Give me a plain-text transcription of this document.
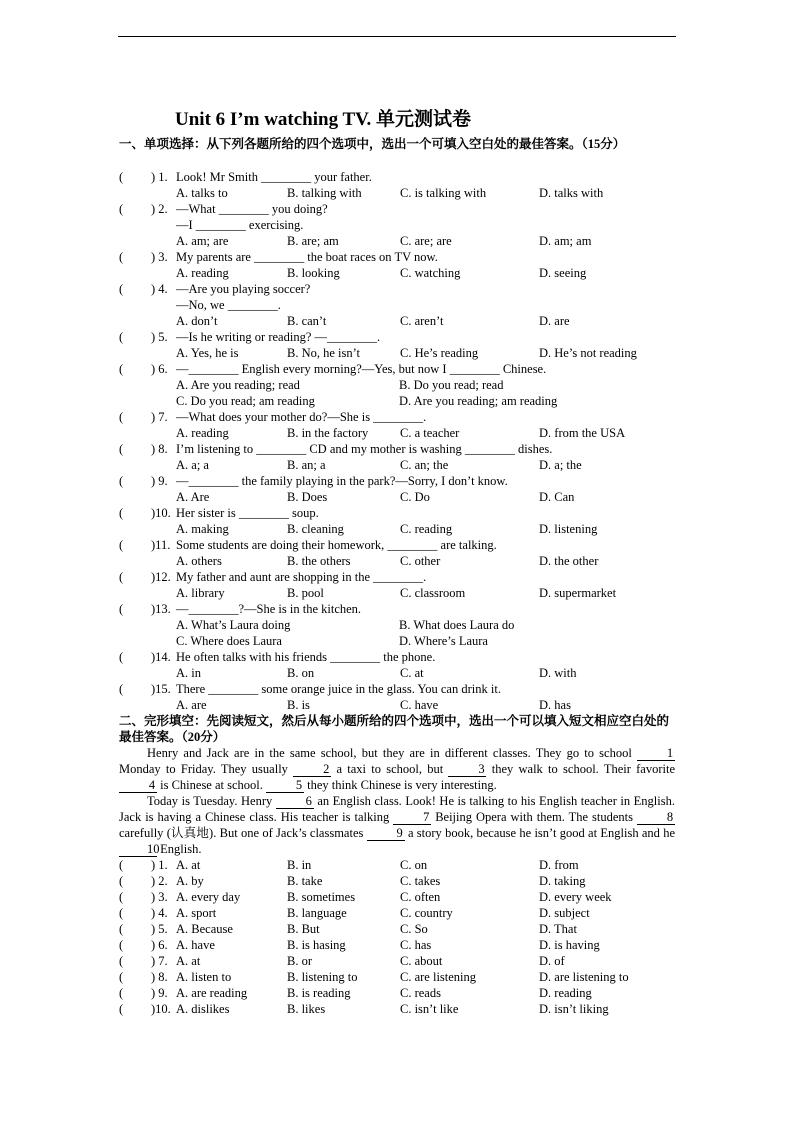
Unit 6 I’m watching TV. 单元测试卷
一、单项选择：从下列各题所给的四个选项中，选出一个可填入空白处的最佳答案。（15分）
( ) 1. Look! Mr Smith ________ your father.
A. talks to	B. talking with	C. is talking with	D. talks with
( ) 2. —What ________ you doing?
—I ________ exercising.
A. am; are	B. are; am	C. are; are	D. am; am
( ) 3. My parents are ________ the boat races on TV now.
A. reading	B. looking	C. watching	D. seeing
( ) 4. —Are you playing soccer?
—No, we ________.
A. don’t	B. can’t	C. aren’t	D. are
( ) 5. —Is he writing or reading? —________.
A. Yes, he is	B. No, he isn’t	C. He’s reading	D. He’s not reading
( ) 6. —________ English every morning?—Yes, but now I ________ Chinese.
A. Are you reading; read	B. Do you read; read
C. Do you read; am reading	D. Are you reading; am reading
( ) 7. —What does your mother do?—She is ________.
A. reading	B. in the factory	C. a teacher	D. from the USA
( ) 8. I’m listening to ________ CD and my mother is washing ________ dishes.
A. a; a	B. an; a	C. an; the	D. a; the
( ) 9. —________ the family playing in the park?—Sorry, I don’t know.
A. Are	B. Does	C. Do	D. Can
( )10. Her sister is ________ soup.
A. making	B. cleaning	C. reading	D. listening
( )11. Some students are doing their homework, ________ are talking.
A. others	B. the others	C. other	D. the other
( )12. My father and aunt are shopping in the ________.
A. library	B. pool	C. classroom	D. supermarket
( )13. —________?—She is in the kitchen.
A. What’s Laura doing	B. What does Laura do
C. Where does Laura	D. Where’s Laura
( )14. He often talks with his friends ________ the phone.
A. in	B. on	C. at	D. with
( )15. There ________ some orange juice in the glass. You can drink it.
A. are	B. is	C. have	D. has
二、完形填空：先阅读短文，然后从每小题所给的四个选项中，选出一个可以填入短文相应空白处的最佳答案。（20分）
Henry and Jack are in the same school, but they are in different classes. They go to school 1 Monday to Friday. They usually 2 a taxi to school, but 3 they walk to school. Their favorite 4 is Chinese at school. 5 they think Chinese is very interesting.
Today is Tuesday. Henry 6 an English class. Look! He is talking to his English teacher in English. Jack is having a Chinese class. His teacher is talking 7 Beijing Opera with them. The students 8 carefully (认真地). But one of Jack’s classmates 9 a story book, because he isn’t good at English and he 10 English.
( ) 1. A. at	B. in	C. on	D. from
( ) 2. A. by	B. take	C. takes	D. taking
( ) 3. A. every day	B. sometimes	C. often	D. every week
( ) 4. A. sport	B. language	C. country	D. subject
( ) 5. A. Because	B. But	C. So	D. That
( ) 6. A. have	B. is hasing	C. has	D. is having
( ) 7. A. at	B. or	C. about	D. of
( ) 8. A. listen to	B. listening to	C. are listening	D. are listening to
( ) 9. A. are reading	B. is reading	C. reads	D. reading
( )10. A. dislikes	B. likes	C. isn’t like	D. isn’t liking
